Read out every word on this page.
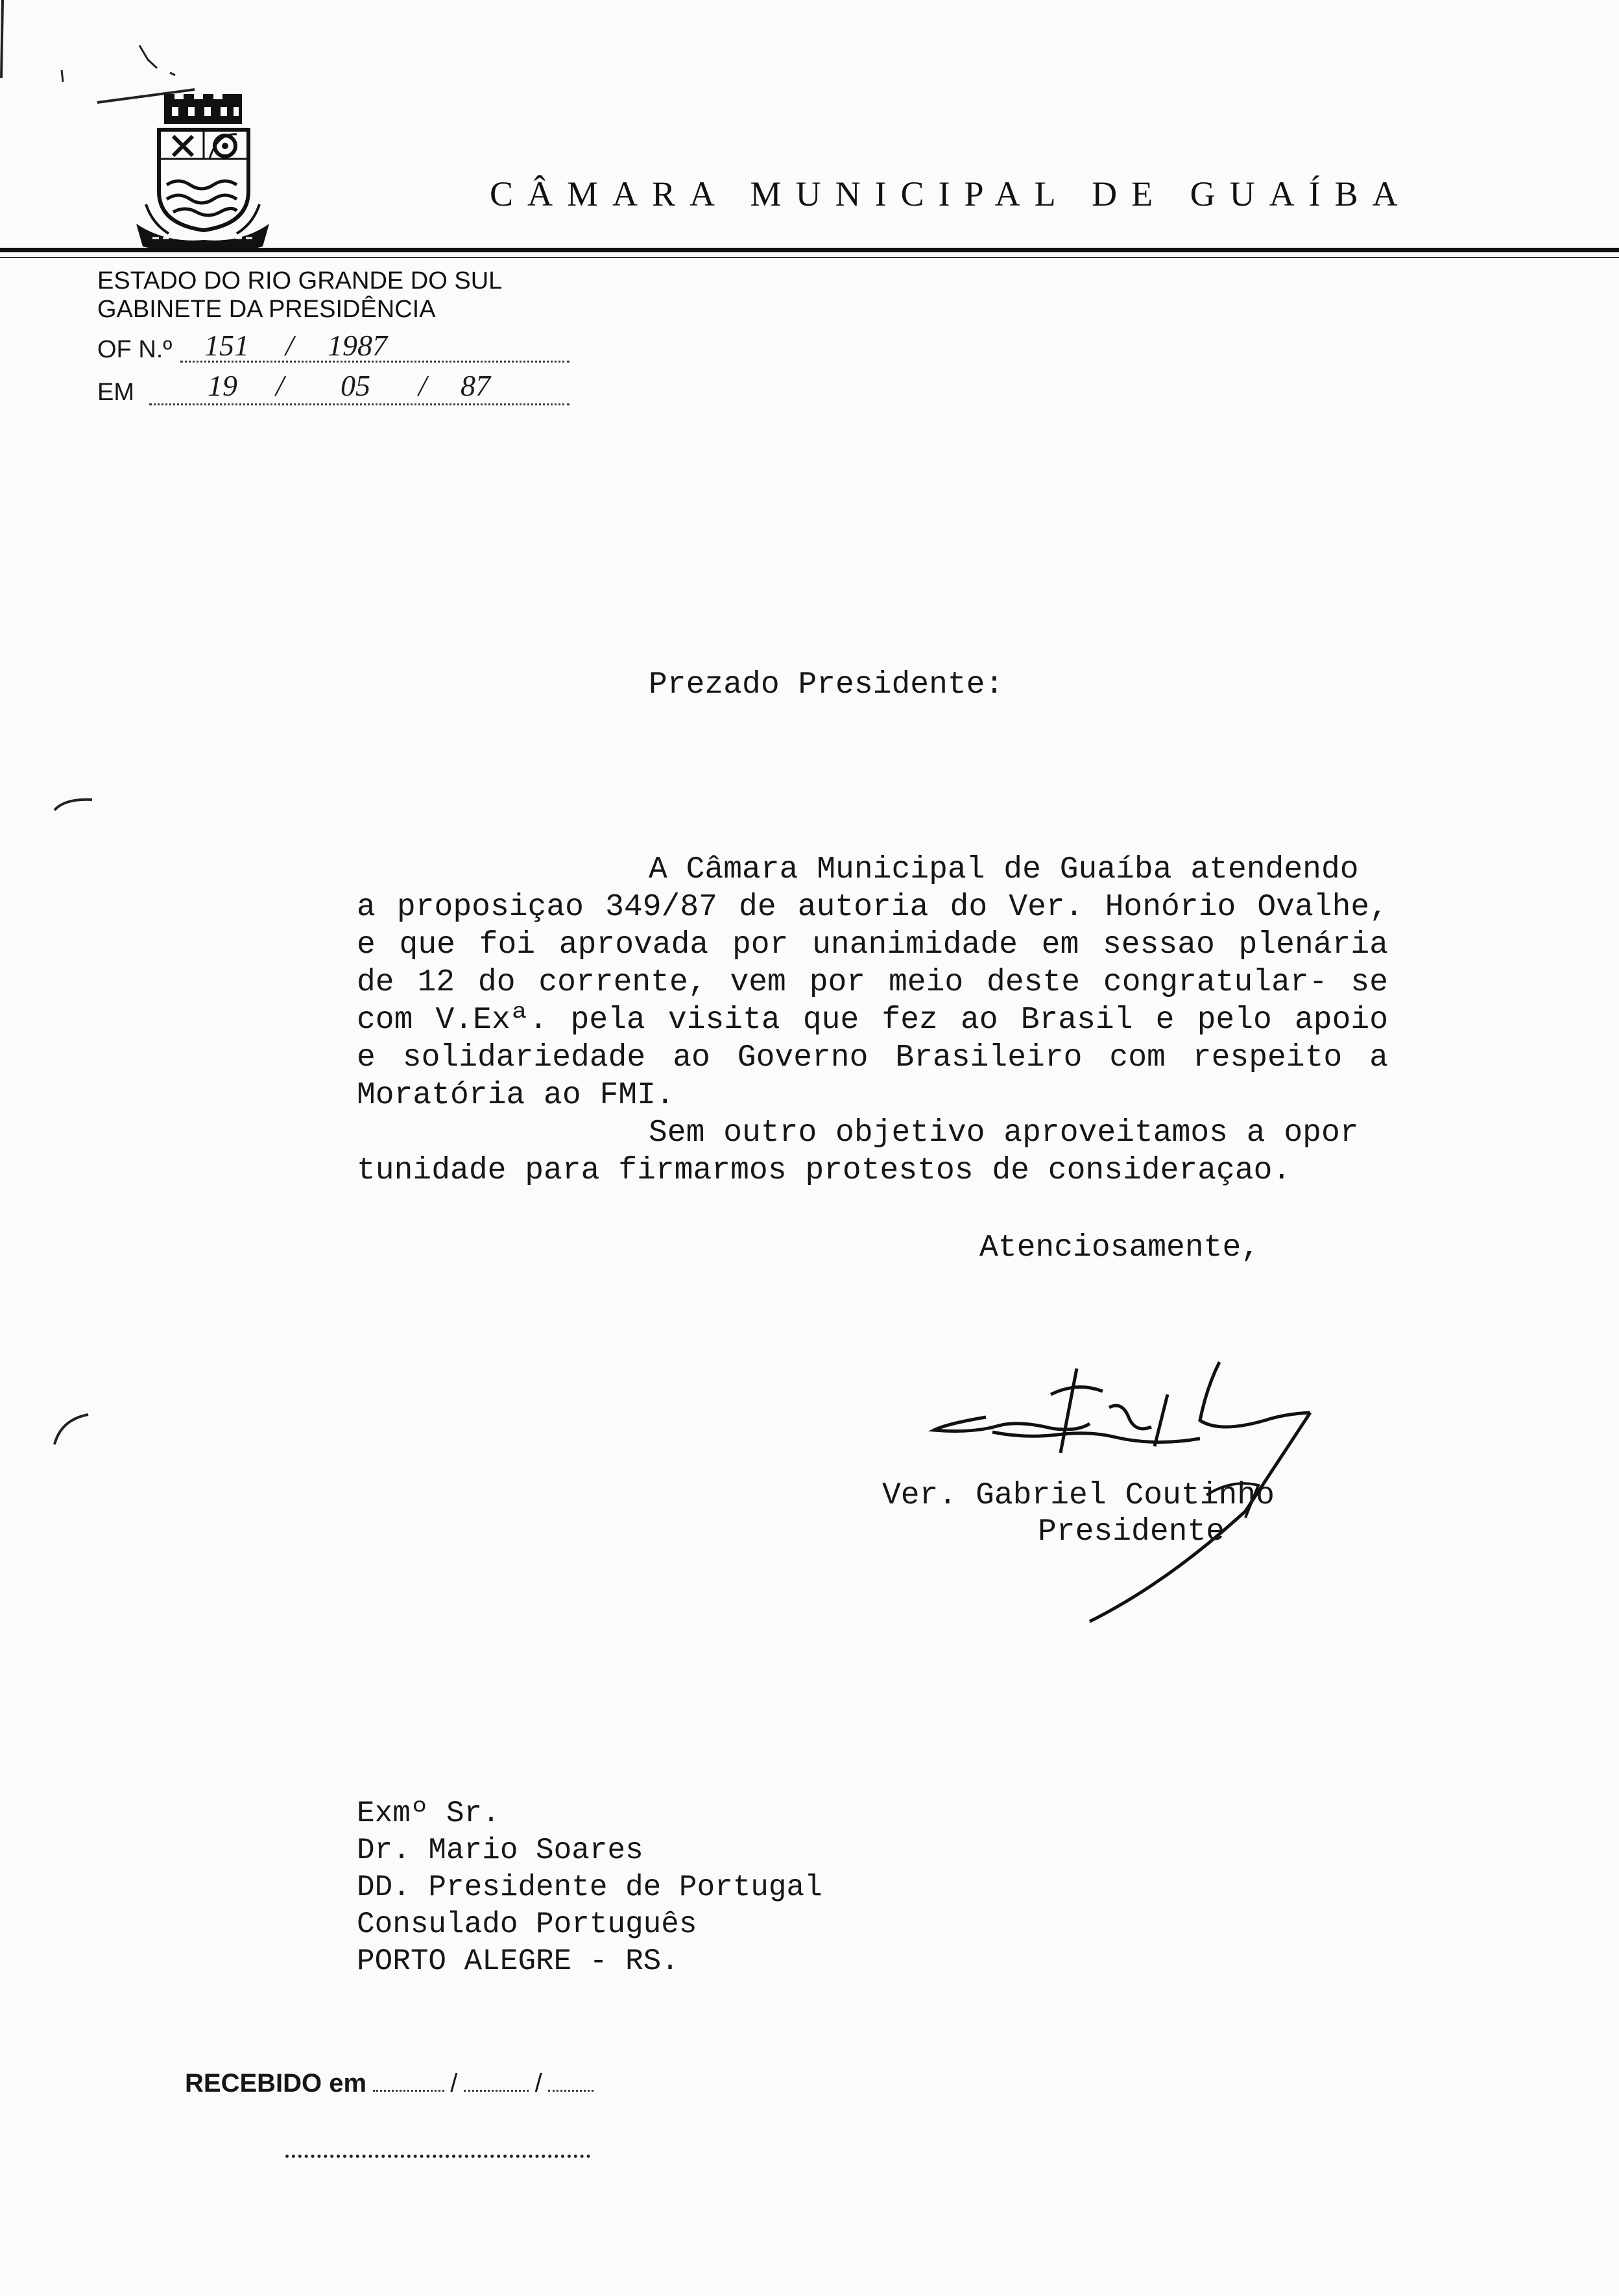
CÂMARA MUNICIPAL DE GUAÍBA
ESTADO DO RIO GRANDE DO SUL
GABINETE DA PRESIDÊNCIA
OF N.º 151 / 1987
EM 19 / 05 / 87
Prezado Presidente:
A Câmara Municipal de Guaíba atendendo
a proposiçao 349/87 de autoria do Ver. Honório Ovalhe,
e que foi aprovada por unanimidade em sessao plenária
de 12 do corrente, vem por meio deste congratular- se
com V.Exª. pela visita que fez ao Brasil e pelo apoio
e solidariedade ao Governo Brasileiro com respeito a
Moratória ao FMI.
Sem outro objetivo aproveitamos a opor
tunidade para firmarmos protestos de consideraçao.
Atenciosamente,
Ver. Gabriel Coutinho
Presidente
Exmº Sr.
Dr. Mario Soares
DD. Presidente de Portugal
Consulado Português
PORTO ALEGRE - RS.
RECEBIDO em	/	/
